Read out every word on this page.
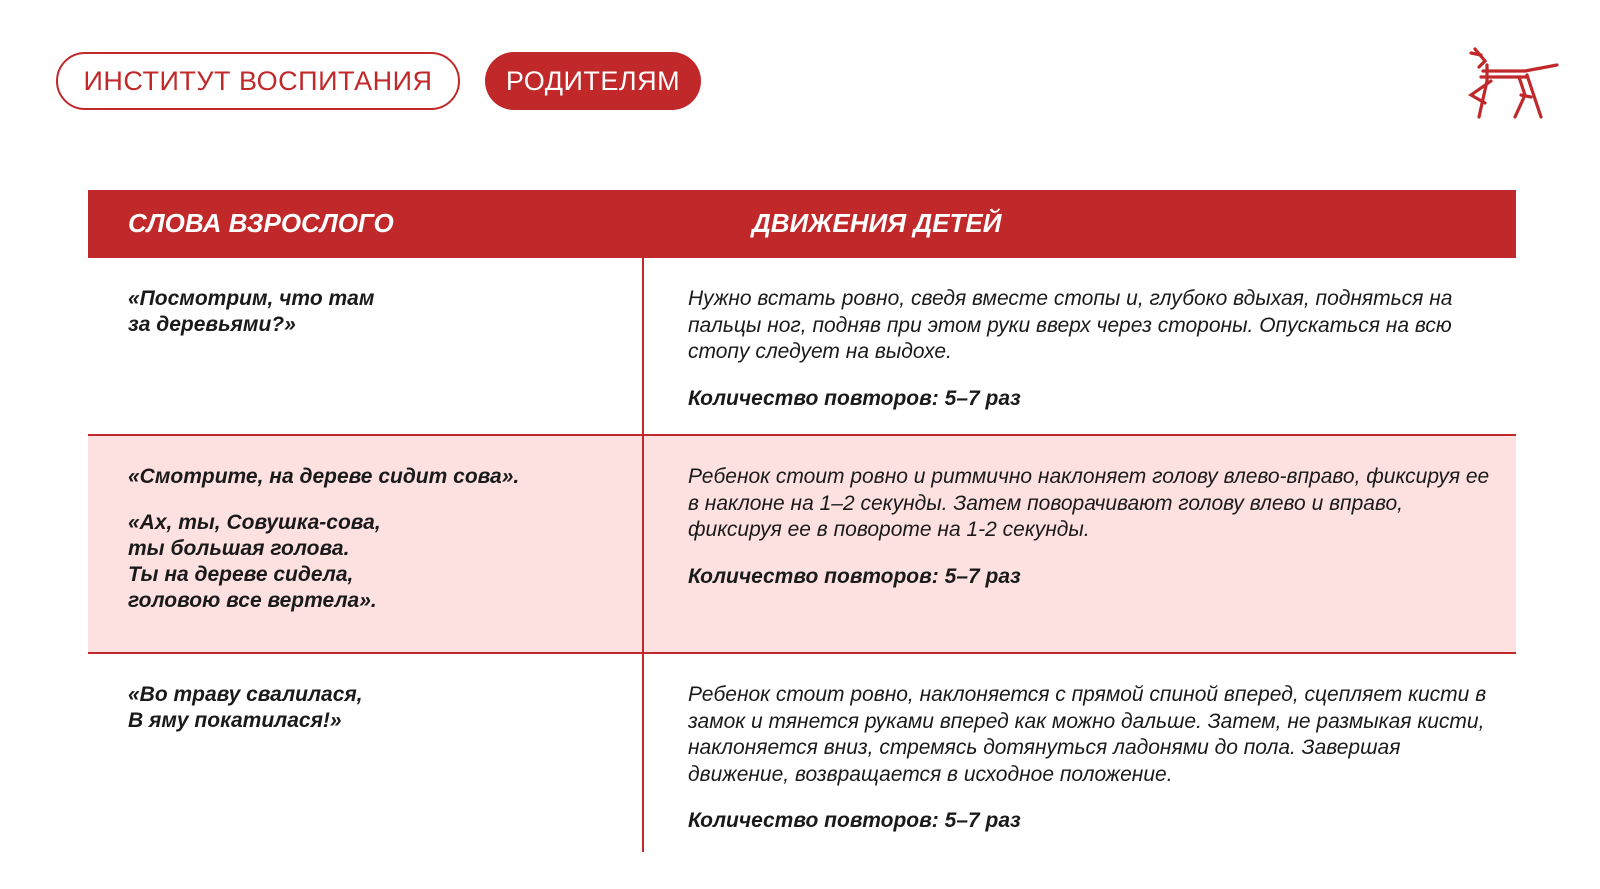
ИНСТИТУТ ВОСПИТАНИЯ	РОДИТЕЛЯМ
СЛОВА ВЗРОСЛОГО	ДВИЖЕНИЯ ДЕТЕЙ

«Посмотрим, что там
за деревьями?»

Нужно встать ровно, сведя вместе стопы и, глубоко вдыхая, подняться на пальцы ног, подняв при этом руки вверх через стороны. Опускаться на всю стопу следует на выдохе.

Количество повторов: 5–7 раз

«Смотрите, на дереве сидит сова».

«Ах, ты, Совушка-сова,
ты большая голова.
Ты на дереве сидела,
головою все вертела».

Ребенок стоит ровно и ритмично наклоняет голову влево-вправо, фиксируя ее в наклоне на 1–2 секунды. Затем поворачивают голову влево и вправо, фиксируя ее в повороте на 1-2 секунды.

Количество повторов: 5–7 раз

«Во траву свалилася,
В яму покатилася!»

Ребенок стоит ровно, наклоняется с прямой спиной вперед, сцепляет кисти в замок и тянется руками вперед как можно дальше. Затем, не размыкая кисти, наклоняется вниз, стремясь дотянуться ладонями до пола. Завершая движение, возвращается в исходное положение.

Количество повторов: 5–7 раз
